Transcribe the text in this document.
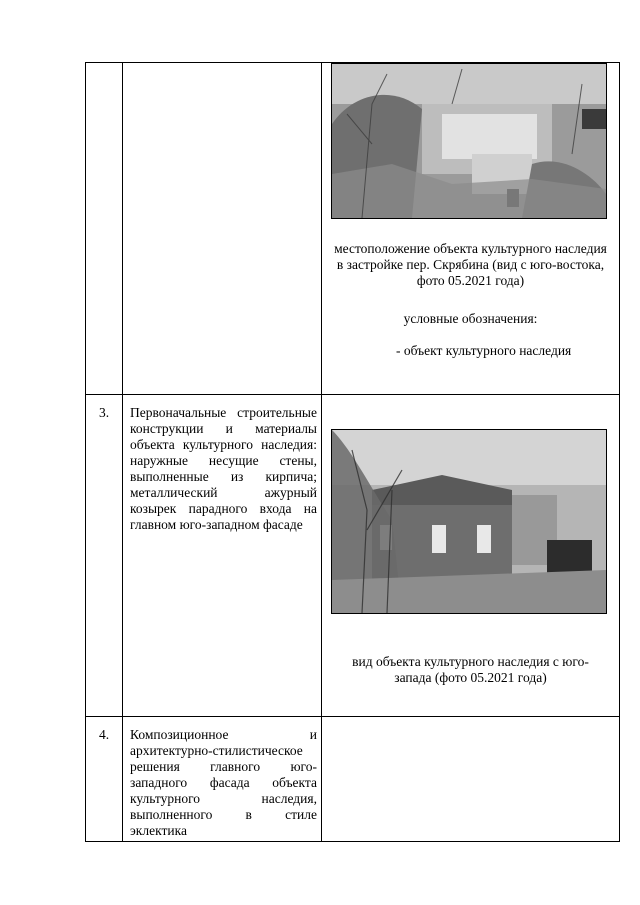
		местоположение объекта культурного наследия в застройке пер. Скрябина (вид с юго-востока, фото 05.2021 года)
условные обозначения:
- объект культурного наследия

3.	Первоначальные строительные конструкции и материалы объекта культурного наследия: наружные несущие стены, выполненные из кирпича; металлический ажурный козырек парадного входа на главном юго-западном фасаде	вид объекта культурного наследия с юго-запада (фото 05.2021 года)

4.	Композиционное и архитектурно-стилистическое решения главного юго-западного фасада объекта культурного наследия, выполненного в стиле эклектика	
